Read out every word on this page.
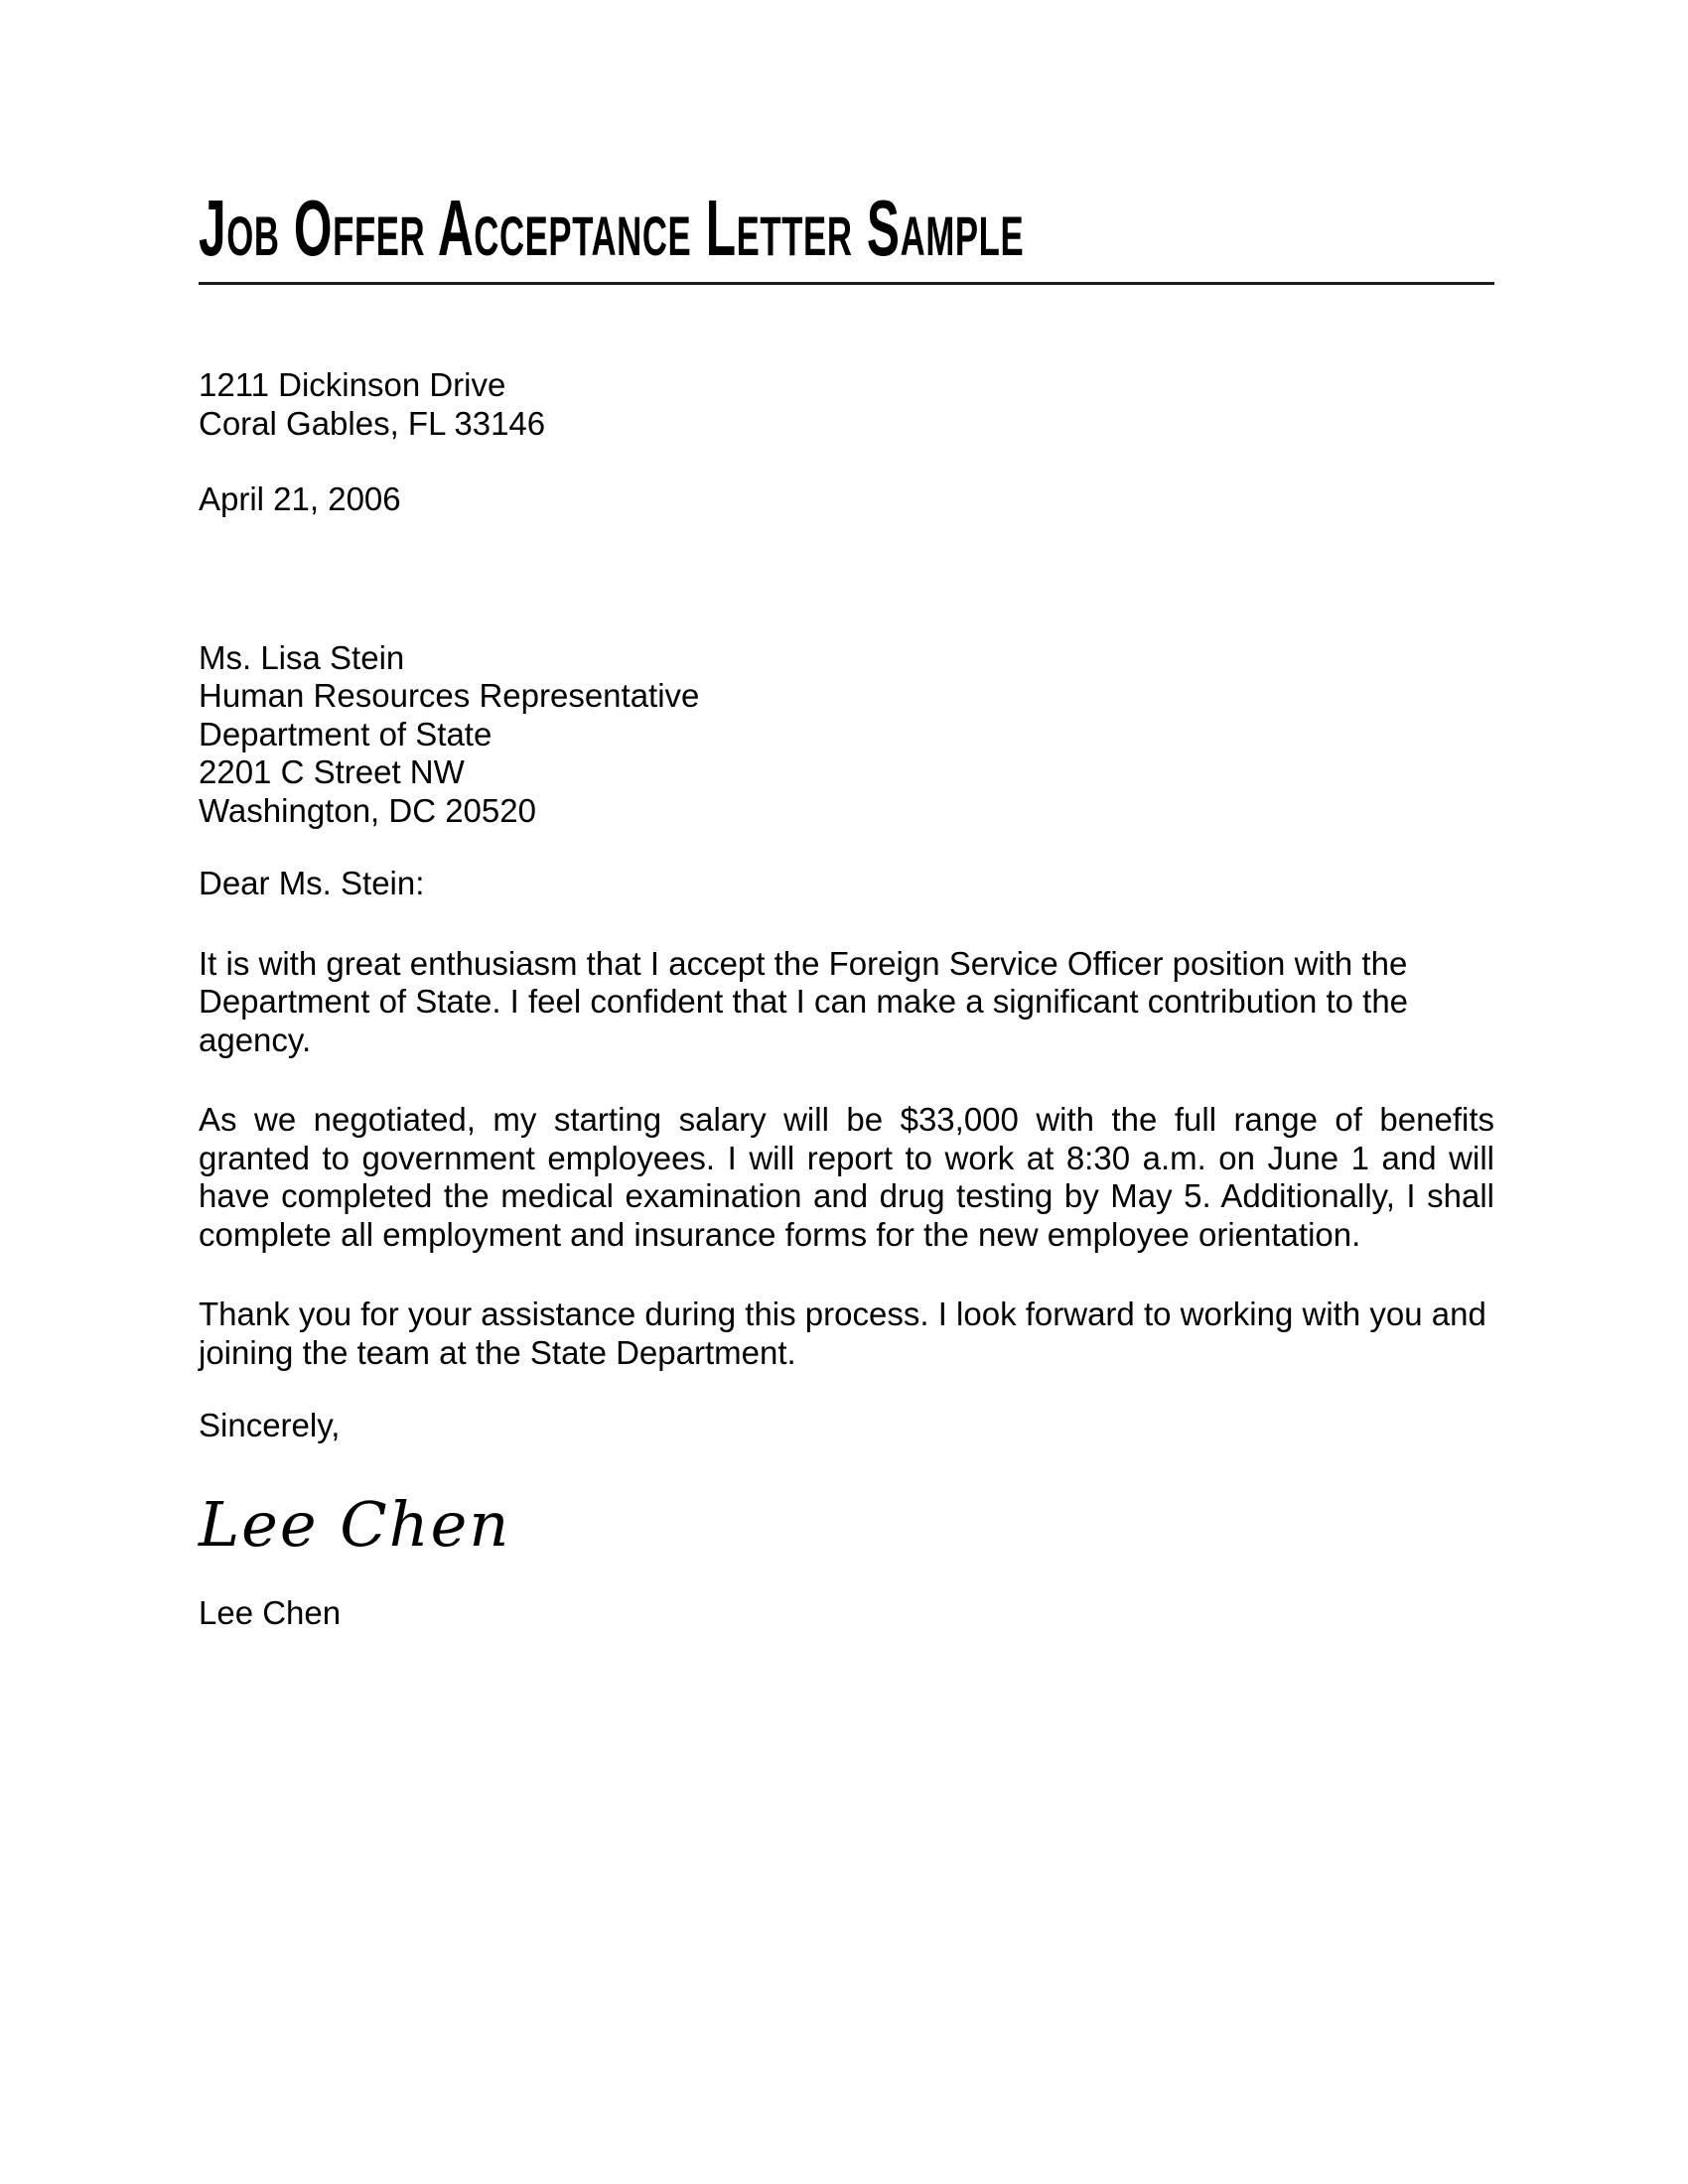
Job Offer Acceptance Letter Sample
1211 Dickinson Drive
Coral Gables, FL 33146
April 21, 2006
Ms. Lisa Stein
Human Resources Representative
Department of State
2201 C Street NW
Washington, DC 20520
Dear Ms. Stein:

It is with great enthusiasm that I accept the Foreign Service Officer position with the Department of State. I feel confident that I can make a significant contribution to the agency.

As we negotiated, my starting salary will be $33,000 with the full range of benefits granted to government employees. I will report to work at 8:30 a.m. on June 1 and will have completed the medical examination and drug testing by May 5. Additionally, I shall complete all employment and insurance forms for the new employee orientation.

Thank you for your assistance during this process. I look forward to working with you and joining the team at the State Department.

Sincerely,
Lee Chen
Lee Chen
